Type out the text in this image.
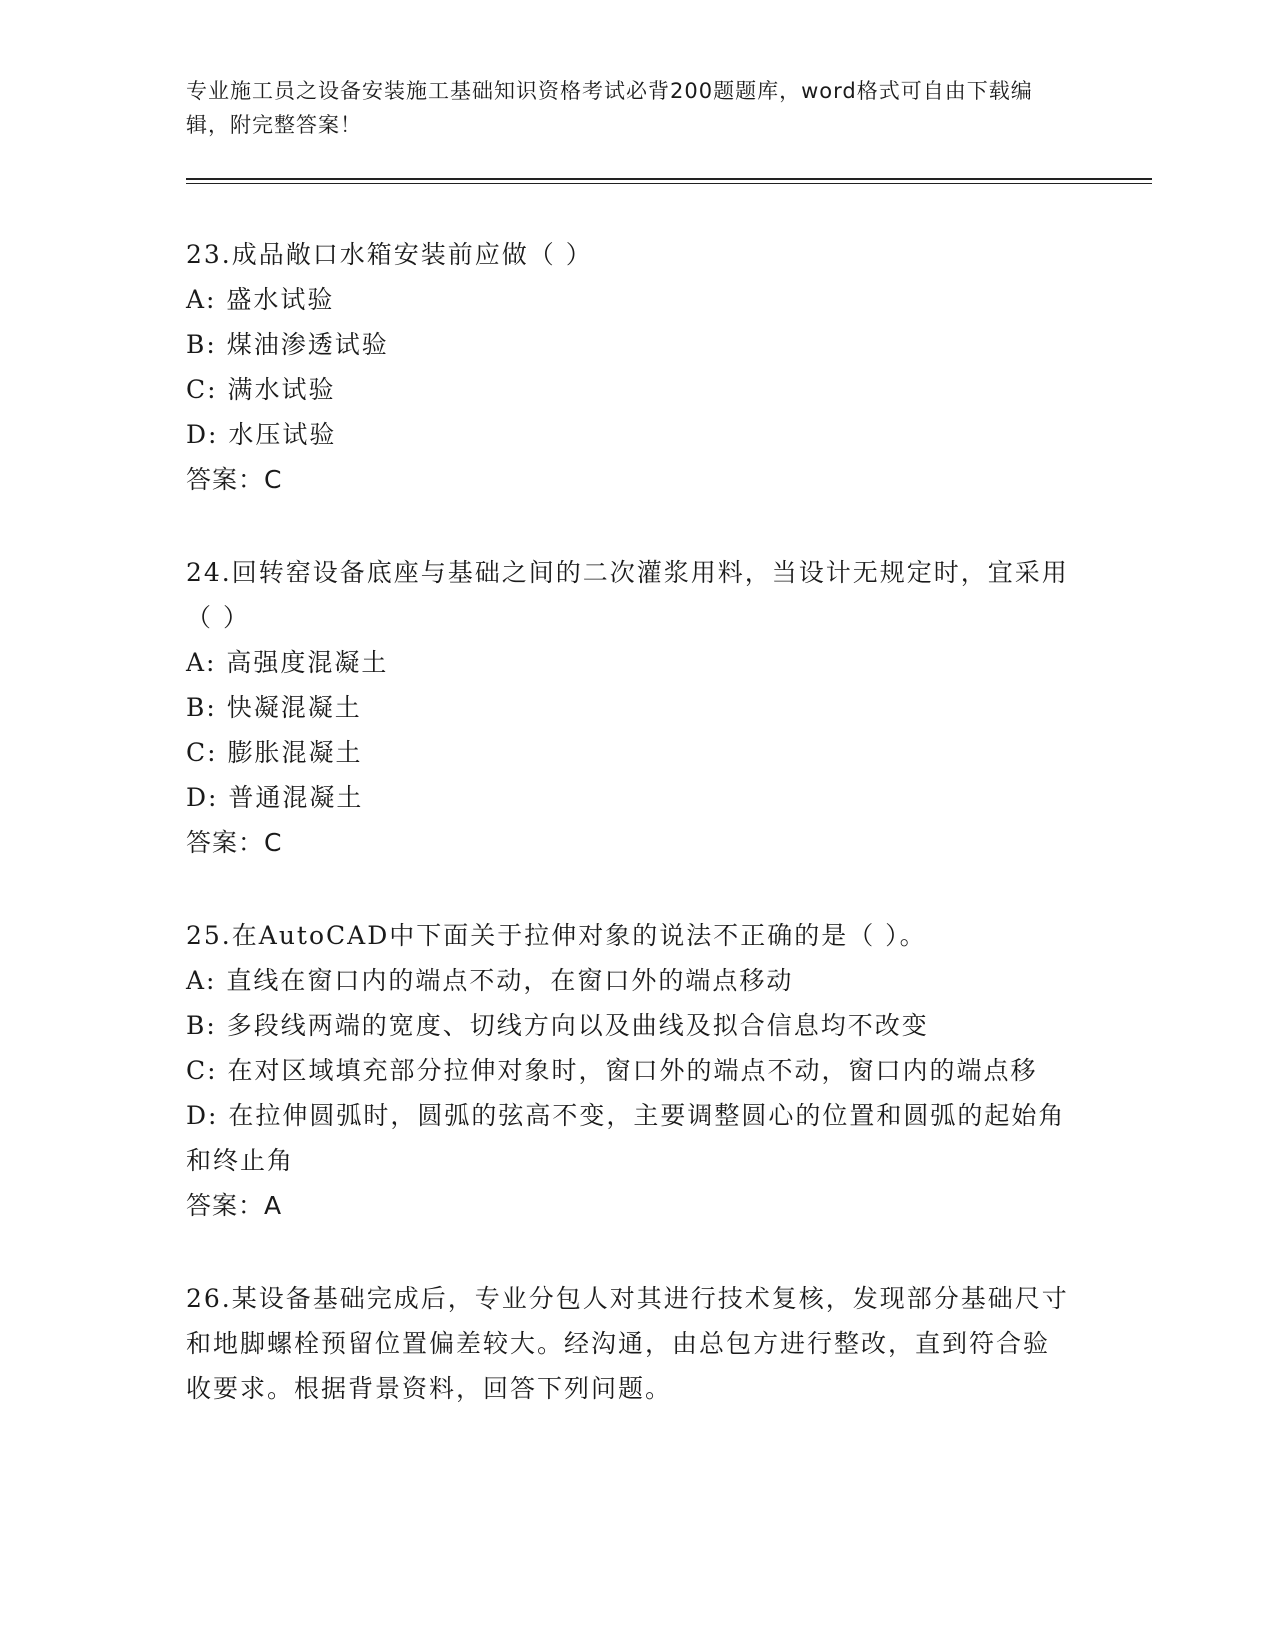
专业施工员之设备安装施工基础知识资格考试必背200题题库，word格式可自由下载编辑，附完整答案！
23.成品敞口水箱安装前应做（ ）
A: 盛水试验
B: 煤油渗透试验
C: 满水试验
D: 水压试验
答案：C
24.回转窑设备底座与基础之间的二次灌浆用料，当设计无规定时，宜采用（ ）
A: 高强度混凝土
B: 快凝混凝土
C: 膨胀混凝土
D: 普通混凝土
答案：C
25.在AutoCAD中下面关于拉伸对象的说法不正确的是（ ）。
A: 直线在窗口内的端点不动，在窗口外的端点移动
B: 多段线两端的宽度、切线方向以及曲线及拟合信息均不改变
C: 在对区域填充部分拉伸对象时，窗口外的端点不动，窗口内的端点移
D: 在拉伸圆弧时，圆弧的弦高不变，主要调整圆心的位置和圆弧的起始角和终止角
答案：A
26.某设备基础完成后，专业分包人对其进行技术复核，发现部分基础尺寸和地脚螺栓预留位置偏差较大。经沟通，由总包方进行整改，直到符合验收要求。根据背景资料，回答下列问题。
